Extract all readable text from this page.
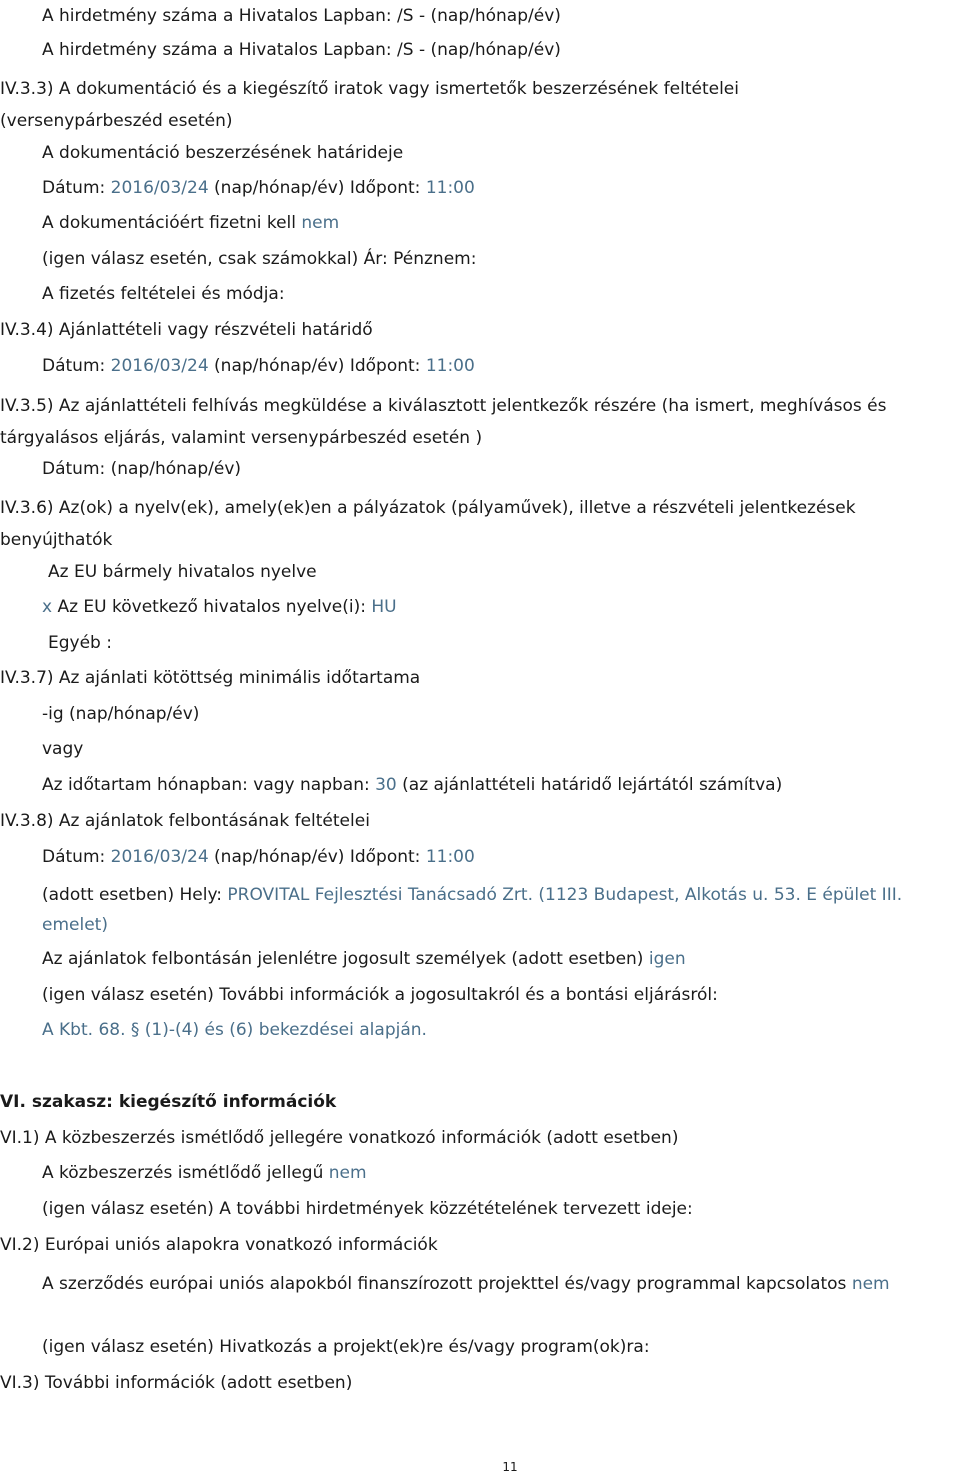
A hirdetmény száma a Hivatalos Lapban: /S - (nap/hónap/év)
A hirdetmény száma a Hivatalos Lapban: /S - (nap/hónap/év)
IV.3.3) A dokumentáció és a kiegészítő iratok vagy ismertetők beszerzésének feltételei (versenypárbeszéd esetén)
A dokumentáció beszerzésének határideje
Dátum: 2016/03/24 (nap/hónap/év) Időpont: 11:00
A dokumentációért fizetni kell nem
(igen válasz esetén, csak számokkal) Ár: Pénznem:
A fizetés feltételei és módja:
IV.3.4) Ajánlattételi vagy részvételi határidő
Dátum: 2016/03/24 (nap/hónap/év) Időpont: 11:00
IV.3.5) Az ajánlattételi felhívás megküldése a kiválasztott jelentkezők részére (ha ismert, meghívásos és tárgyalásos eljárás, valamint versenypárbeszéd esetén )
Dátum: (nap/hónap/év)
IV.3.6) Az(ok) a nyelv(ek), amely(ek)en a pályázatok (pályaművek), illetve a részvételi jelentkezések benyújthatók
Az EU bármely hivatalos nyelve
x Az EU következő hivatalos nyelve(i): HU
Egyéb :
IV.3.7) Az ajánlati kötöttség minimális időtartama
-ig (nap/hónap/év)
vagy
Az időtartam hónapban: vagy napban: 30 (az ajánlattételi határidő lejártától számítva)
IV.3.8) Az ajánlatok felbontásának feltételei
Dátum: 2016/03/24 (nap/hónap/év) Időpont: 11:00
(adott esetben) Hely: PROVITAL Fejlesztési Tanácsadó Zrt. (1123 Budapest, Alkotás u. 53. E épület III. emelet)
Az ajánlatok felbontásán jelenlétre jogosult személyek (adott esetben) igen
(igen válasz esetén) További információk a jogosultakról és a bontási eljárásról:
A Kbt. 68. § (1)-(4) és (6) bekezdései alapján.
VI. szakasz: kiegészítő információk
VI.1) A közbeszerzés ismétlődő jellegére vonatkozó információk (adott esetben)
A közbeszerzés ismétlődő jellegű nem
(igen válasz esetén) A további hirdetmények közzétételének tervezett ideje:
VI.2) Európai uniós alapokra vonatkozó információk
A szerződés európai uniós alapokból finanszírozott projekttel és/vagy programmal kapcsolatos nem
(igen válasz esetén) Hivatkozás a projekt(ek)re és/vagy program(ok)ra:
VI.3) További információk (adott esetben)
11
